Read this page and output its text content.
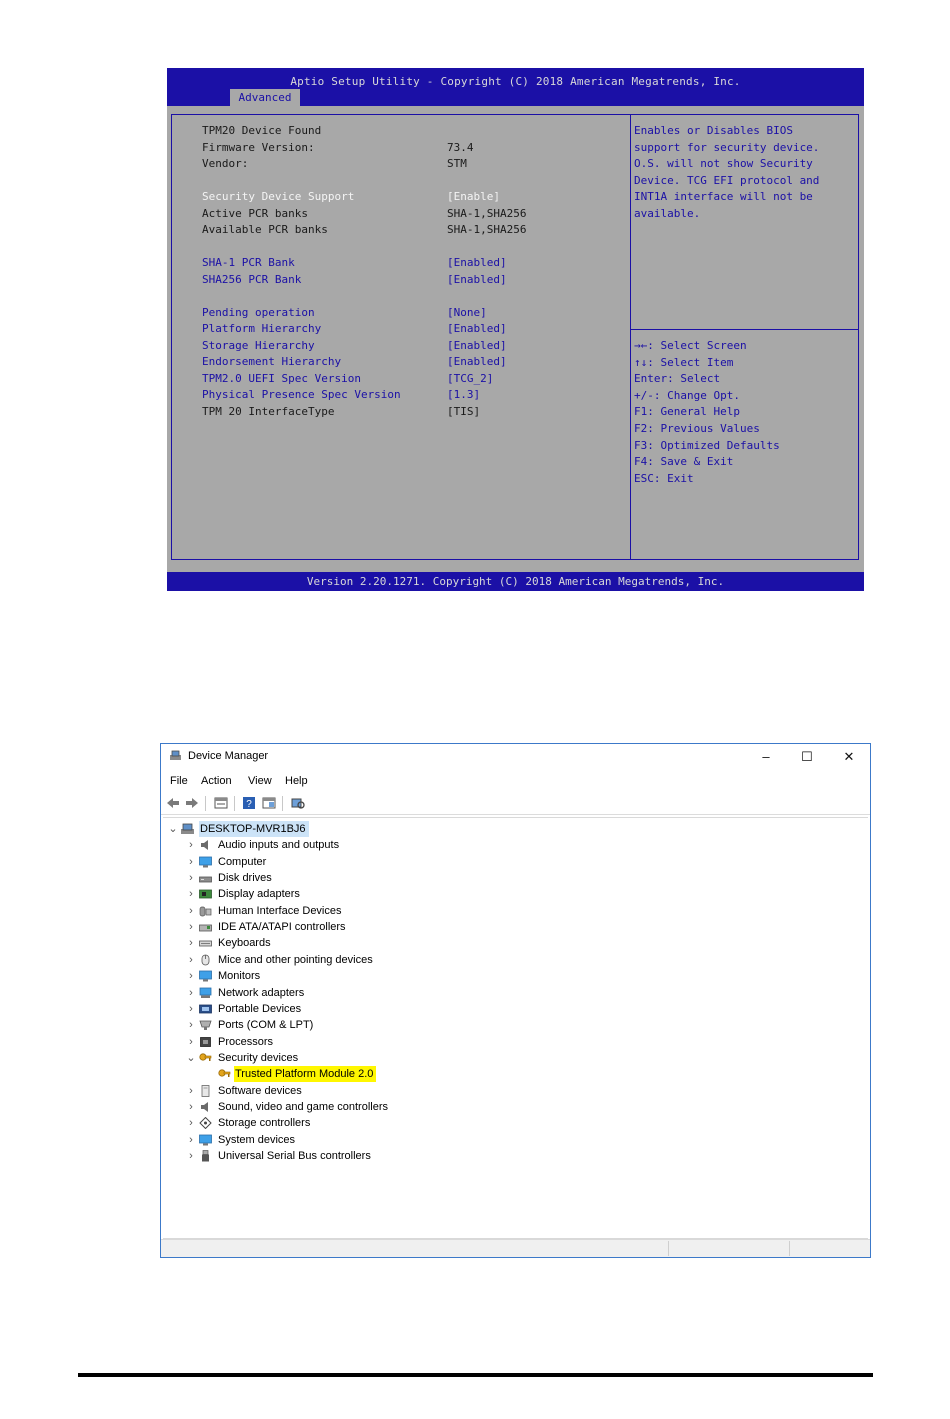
Aptio Setup Utility - Copyright (C) 2018 American Megatrends, Inc.
Advanced
TPM20 Device Found
Firmware Version:	73.4
Vendor:	STM
Security Device Support	[Enable]
Active PCR banks	SHA-1,SHA256
Available PCR banks	SHA-1,SHA256
SHA-1 PCR Bank	[Enabled]
SHA256 PCR Bank	[Enabled]
Pending operation	[None]
Platform Hierarchy	[Enabled]
Storage Hierarchy	[Enabled]
Endorsement Hierarchy	[Enabled]
TPM2.0 UEFI Spec Version	[TCG_2]
Physical Presence Spec Version	[1.3]
TPM 20 InterfaceType	[TIS]
Enables or Disables BIOS
support for security device.
O.S. will not show Security
Device. TCG EFI protocol and
INT1A interface will not be
available.
→←: Select Screen
↑↓: Select Item
Enter: Select
+/-: Change Opt.
F1: General Help
F2: Previous Values
F3: Optimized Defaults
F4: Save & Exit
ESC: Exit
Version 2.20.1271. Copyright (C) 2018 American Megatrends, Inc.
Device Manager	–	☐	✕
File Action View Help
?
⌄ DESKTOP-MVR1BJ6
›	Audio inputs and outputs
›	Computer
›	Disk drives
›	Display adapters
›	Human Interface Devices
›	IDE ATA/ATAPI controllers
›	Keyboards
›	Mice and other pointing devices
›	Monitors
›	Network adapters
›	Portable Devices
›	Ports (COM & LPT)
›	Processors
⌄ Security devices
Trusted Platform Module 2.0
›	Software devices
›	Sound, video and game controllers
›	Storage controllers
›	System devices
›	Universal Serial Bus controllers
